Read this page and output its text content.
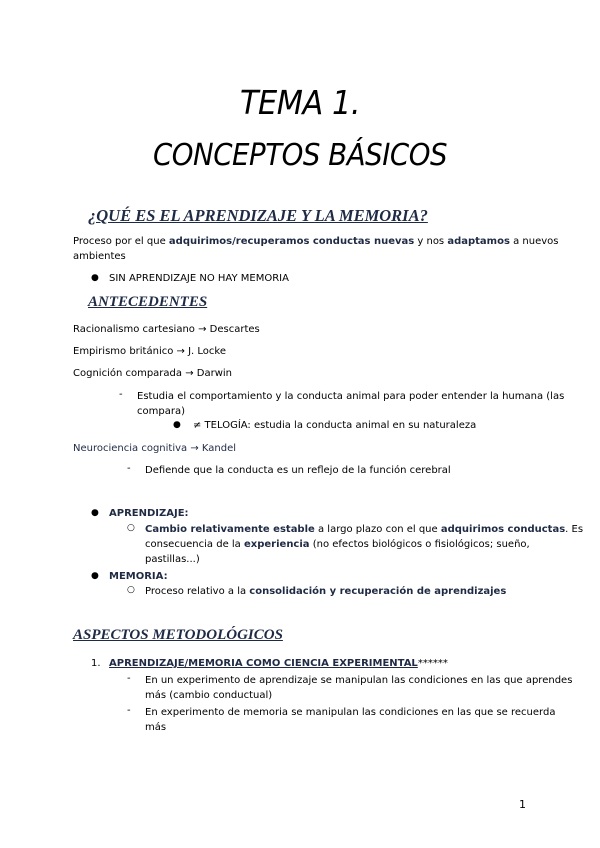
TEMA 1.
CONCEPTOS BÁSICOS
¿QUÉ ES EL APRENDIZAJE Y LA MEMORIA?
Proceso por el que adquirimos/recuperamos conductas nuevas y nos adaptamos a nuevos
ambientes
● SIN APRENDIZAJE NO HAY MEMORIA
ANTECEDENTES
Racionalismo cartesiano → Descartes
Empirismo británico → J. Locke
Cognición comparada → Darwin
- Estudia el comportamiento y la conducta animal para poder entender la humana (las
compara)
● ≠ TELOGÍA: estudia la conducta animal en su naturaleza
Neurociencia cognitiva → Kandel
- Defiende que la conducta es un reflejo de la función cerebral
● APRENDIZAJE:
○ Cambio relativamente estable a largo plazo con el que adquirimos conductas. Es
consecuencia de la experiencia (no efectos biológicos o fisiológicos; sueño,
pastillas...)
● MEMORIA:
○ Proceso relativo a la consolidación y recuperación de aprendizajes
ASPECTOS METODOLÓGICOS
1. APRENDIZAJE/MEMORIA COMO CIENCIA EXPERIMENTAL******
- En un experimento de aprendizaje se manipulan las condiciones en las que aprendes
más (cambio conductual)
- En experimento de memoria se manipulan las condiciones en las que se recuerda
más
1
